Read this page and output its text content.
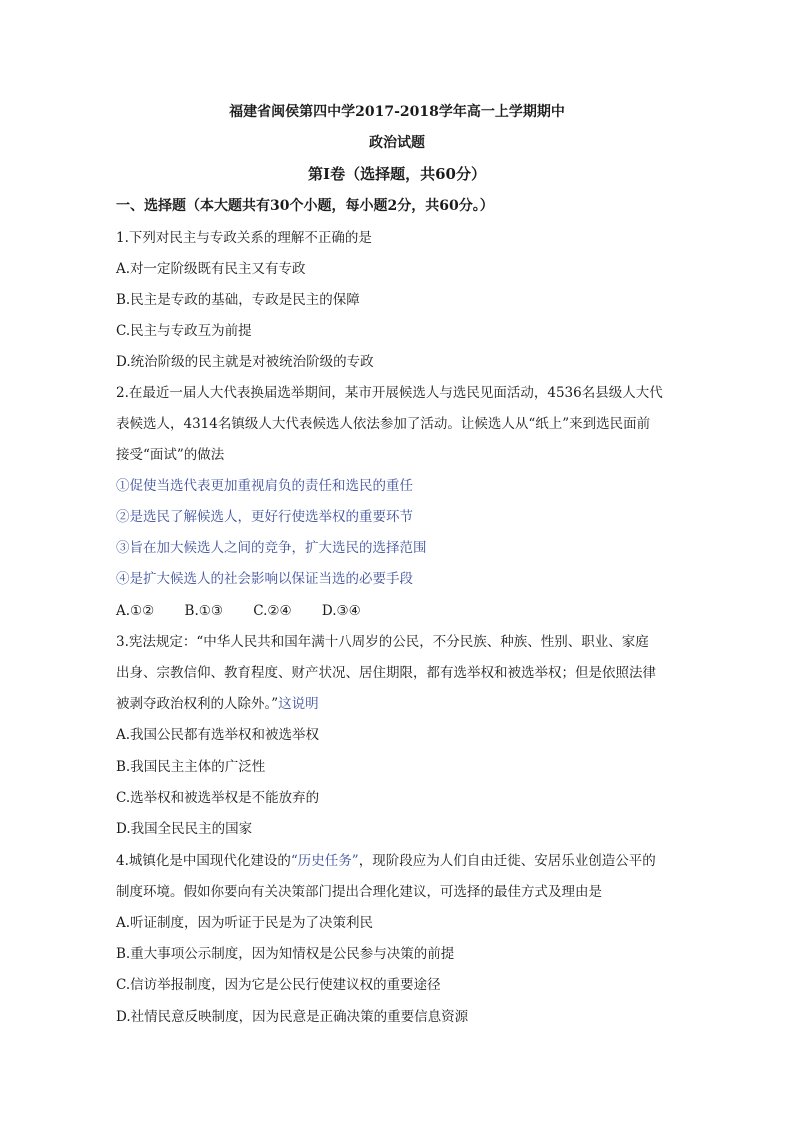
福建省闽侯第四中学2017-2018学年高一上学期期中
政治试题
第Ⅰ卷（选择题，共60分）
一、选择题（本大题共有30个小题，每小题2分，共60分。）
1.下列对民主与专政关系的理解不正确的是
A.对一定阶级既有民主又有专政
B.民主是专政的基础，专政是民主的保障
C.民主与专政互为前提
D.统治阶级的民主就是对被统治阶级的专政
2.在最近一届人大代表换届选举期间，某市开展候选人与选民见面活动，4536名县级人大代
表候选人，4314名镇级人大代表候选人依法参加了活动。让候选人从“纸上”来到选民面前
接受“面试”的做法
①促使当选代表更加重视肩负的责任和选民的重任
②是选民了解候选人，更好行使选举权的重要环节
③旨在加大候选人之间的竞争，扩大选民的选择范围
④是扩大候选人的社会影响以保证当选的必要手段
A.①② B.①③ C.②④ D.③④
3.宪法规定：“中华人民共和国年满十八周岁的公民，不分民族、种族、性别、职业、家庭
出身、宗教信仰、教育程度、财产状况、居住期限，都有选举权和被选举权；但是依照法律
被剥夺政治权利的人除外。”这说明
A.我国公民都有选举权和被选举权
B.我国民主主体的广泛性
C.选举权和被选举权是不能放弃的
D.我国全民民主的国家
4.城镇化是中国现代化建设的“历史任务”，现阶段应为人们自由迁徙、安居乐业创造公平的
制度环境。假如你要向有关决策部门提出合理化建议，可选择的最佳方式及理由是
A.听证制度，因为听证于民是为了决策利民
B.重大事项公示制度，因为知情权是公民参与决策的前提
C.信访举报制度，因为它是公民行使建议权的重要途径
D.社情民意反映制度，因为民意是正确决策的重要信息资源
